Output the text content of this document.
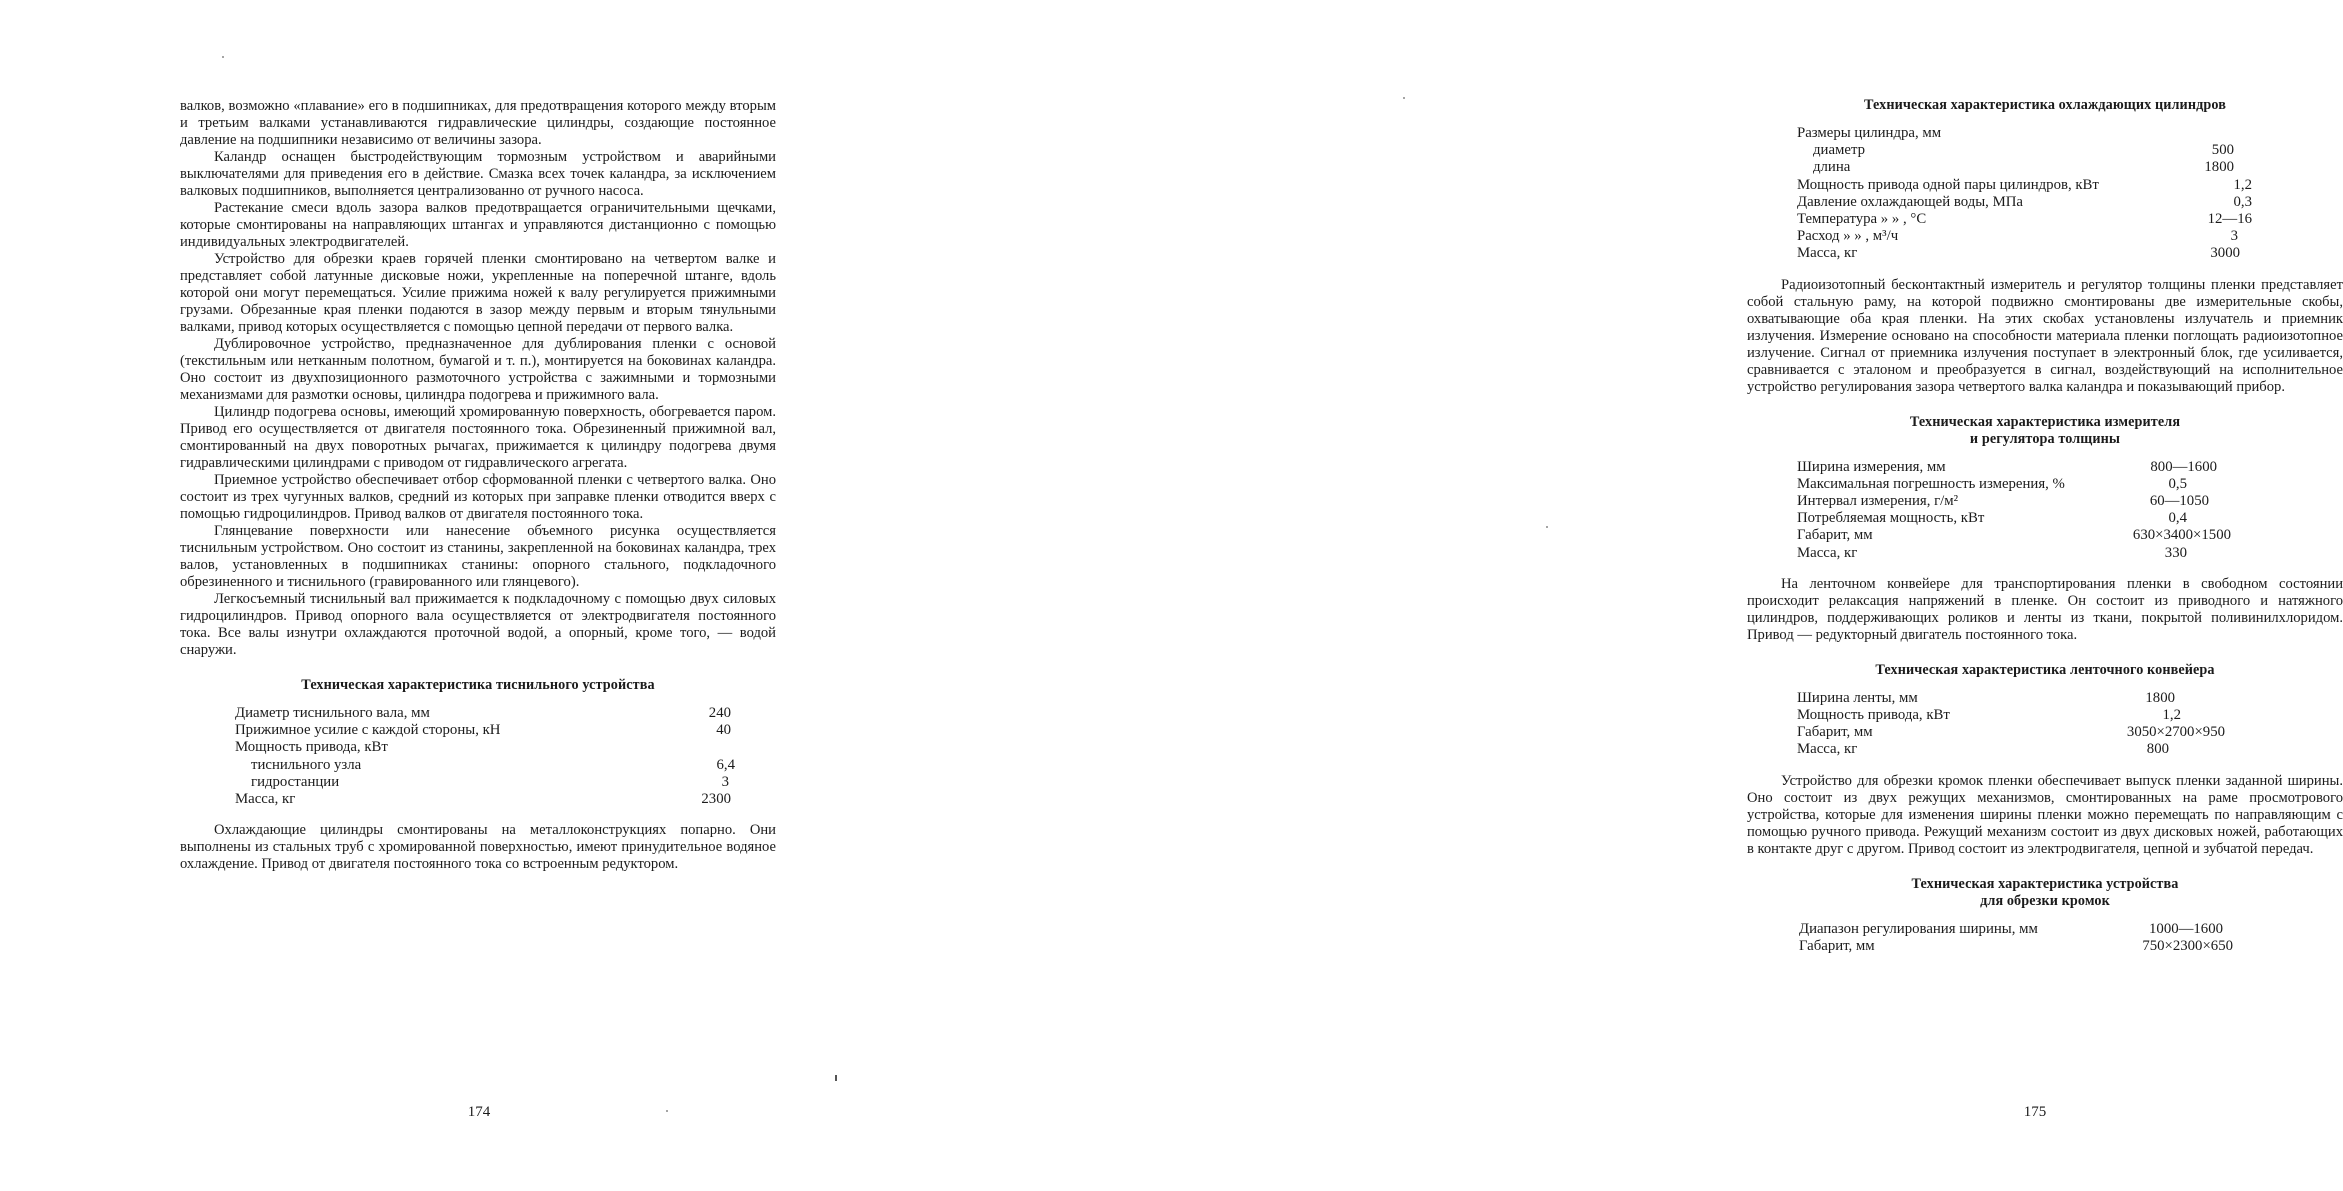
валков, возможно «плавание» его в подшипниках, для предотвращения которого между вторым и третьим валками устанавливаются гидравлические цилиндры, создающие постоянное давление на подшипники независимо от величины зазора.

Каландр оснащен быстродействующим тормозным устройством и аварийными выключателями для приведения его в действие. Смазка всех точек каландра, за исключением валковых подшипников, выполняется централизованно от ручного насоса.

Растекание смеси вдоль зазора валков предотвращается ограничительными щечками, которые смонтированы на направляющих штангах и управляются дистанционно с помощью индивидуальных электродвигателей.

Устройство для обрезки краев горячей пленки смонтировано на четвертом валке и представляет собой латунные дисковые ножи, укрепленные на поперечной штанге, вдоль которой они могут перемещаться. Усилие прижима ножей к валу регулируется прижимными грузами. Обрезанные края пленки подаются в зазор между первым и вторым тянульными валками, привод которых осуществляется с помощью цепной передачи от первого валка.

Дублировочное устройство, предназначенное для дублирования пленки с основой (текстильным или нетканным полотном, бумагой и т. п.), монтируется на боковинах каландра. Оно состоит из двухпозиционного размоточного устройства с зажимными и тормозными механизмами для размотки основы, цилиндра подогрева и прижимного вала.

Цилиндр подогрева основы, имеющий хромированную поверхность, обогревается паром. Привод его осуществляется от двигателя постоянного тока. Обрезиненный прижимной вал, смонтированный на двух поворотных рычагах, прижимается к цилиндру подогрева двумя гидравлическими цилиндрами с приводом от гидравлического агрегата.

Приемное устройство обеспечивает отбор сформованной пленки с четвертого валка. Оно состоит из трех чугунных валков, средний из которых при заправке пленки отводится вверх с помощью гидроцилиндров. Привод валков от двигателя постоянного тока.

Глянцевание поверхности или нанесение объемного рисунка осуществляется тиснильным устройством. Оно состоит из станины, закрепленной на боковинах каландра, трех валов, установленных в подшипниках станины: опорного стального, подкладочного обрезиненного и тиснильного (гравированного или глянцевого).

Легкосъемный тиснильный вал прижимается к подкладочному с помощью двух силовых гидроцилиндров. Привод опорного вала осуществляется от электродвигателя постоянного тока. Все валы изнутри охлаждаются проточной водой, а опорный, кроме того, — водой снаружи.

Техническая характеристика тиснильного устройства
Диаметр тиснильного вала, мм	240
Прижимное усилие с каждой стороны, кН	40
Мощность привода, кВт
тиснильного узла	6,4
гидростанции	3
Масса, кг	2300

Охлаждающие цилиндры смонтированы на металлоконструкциях попарно. Они выполнены из стальных труб с хромированной поверхностью, имеют принудительное водяное охлаждение. Привод от двигателя постоянного тока со встроенным редуктором.

174
Техническая характеристика охлаждающих цилиндров
Размеры цилиндра, мм
диаметр	500
длина	1800
Мощность привода одной пары цилиндров, кВт	1,2
Давление охлаждающей воды, МПа	0,3
Температура » » , °С	12—16
Расход » » , м³/ч	3
Масса, кг	3000

Радиоизотопный бесконтактный измеритель и регулятор толщины пленки представляет собой стальную раму, на которой подвижно смонтированы две измерительные скобы, охватывающие оба края пленки. На этих скобах установлены излучатель и приемник излучения. Измерение основано на способности материала пленки поглощать радиоизотопное излучение. Сигнал от приемника излучения поступает в электронный блок, где усиливается, сравнивается с эталоном и преобразуется в сигнал, воздействующий на исполнительное устройство регулирования зазора четвертого валка каландра и показывающий прибор.

Техническая характеристика измерителя
и регулятора толщины
Ширина измерения, мм	800—1600
Максимальная погрешность измерения, %	0,5
Интервал измерения, г/м²	60—1050
Потребляемая мощность, кВт	0,4
Габарит, мм	630×3400×1500
Масса, кг	330

На ленточном конвейере для транспортирования пленки в свободном состоянии происходит релаксация напряжений в пленке. Он состоит из приводного и натяжного цилиндров, поддерживающих роликов и ленты из ткани, покрытой поливинилхлоридом. Привод — редукторный двигатель постоянного тока.

Техническая характеристика ленточного конвейера
Ширина ленты, мм	1800
Мощность привода, кВт	1,2
Габарит, мм	3050×2700×950
Масса, кг	800

Устройство для обрезки кромок пленки обеспечивает выпуск пленки заданной ширины. Оно состоит из двух режущих механизмов, смонтированных на раме просмотрового устройства, которые для изменения ширины пленки можно перемещать по направляющим с помощью ручного привода. Режущий механизм состоит из двух дисковых ножей, работающих в контакте друг с другом. Привод состоит из электродвигателя, цепной и зубчатой передач.

Техническая характеристика устройства
для обрезки кромок
Диапазон регулирования ширины, мм	1000—1600
Габарит, мм	750×2300×650
175
